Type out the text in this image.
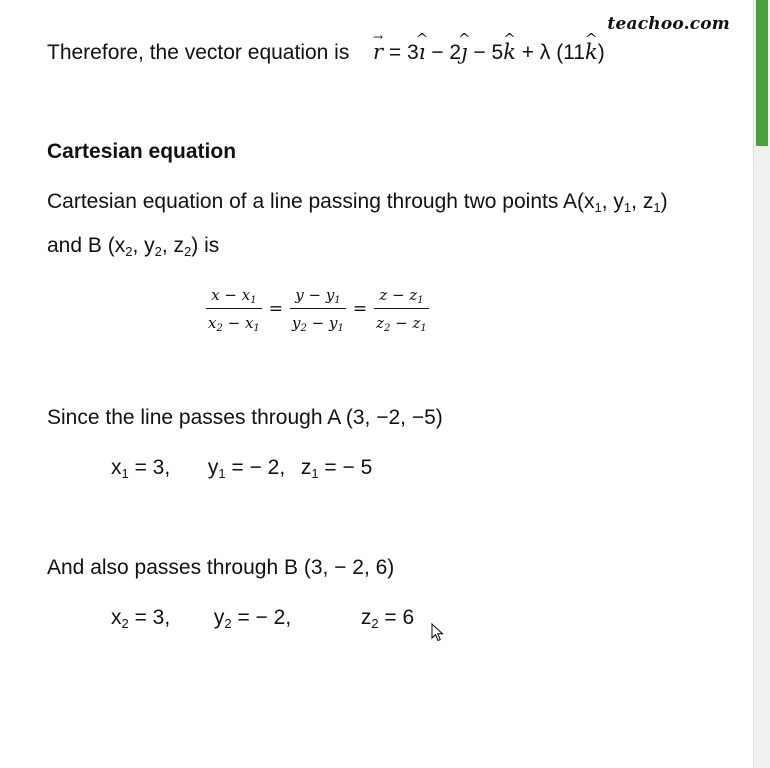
teachoo.com
Therefore, the vector equation is r → = 3ı ^ − 2ȷ ^ − 5k ^ + λ (11k ^)
Cartesian equation
Cartesian equation of a line passing through two points $A(x_1$, $y_1$, $z_1$)
and B ($x_2$, $y_2$, $z_2$) is
$\frac{x - x_1}{x_2 - x_1} = \frac{y - y_1}{y_2 - y_1} = \frac{z - z_1}{z_2 - z_1}$
Since the line passes through A (3, −2, −5)
$x_1 = 3$, $y_1$ = − 2, $z_1$ = − 5
And also passes through B (3, − 2, 6)
$x_2 = 3$, $y_2$ = − 2,	$z_2 = 6$
